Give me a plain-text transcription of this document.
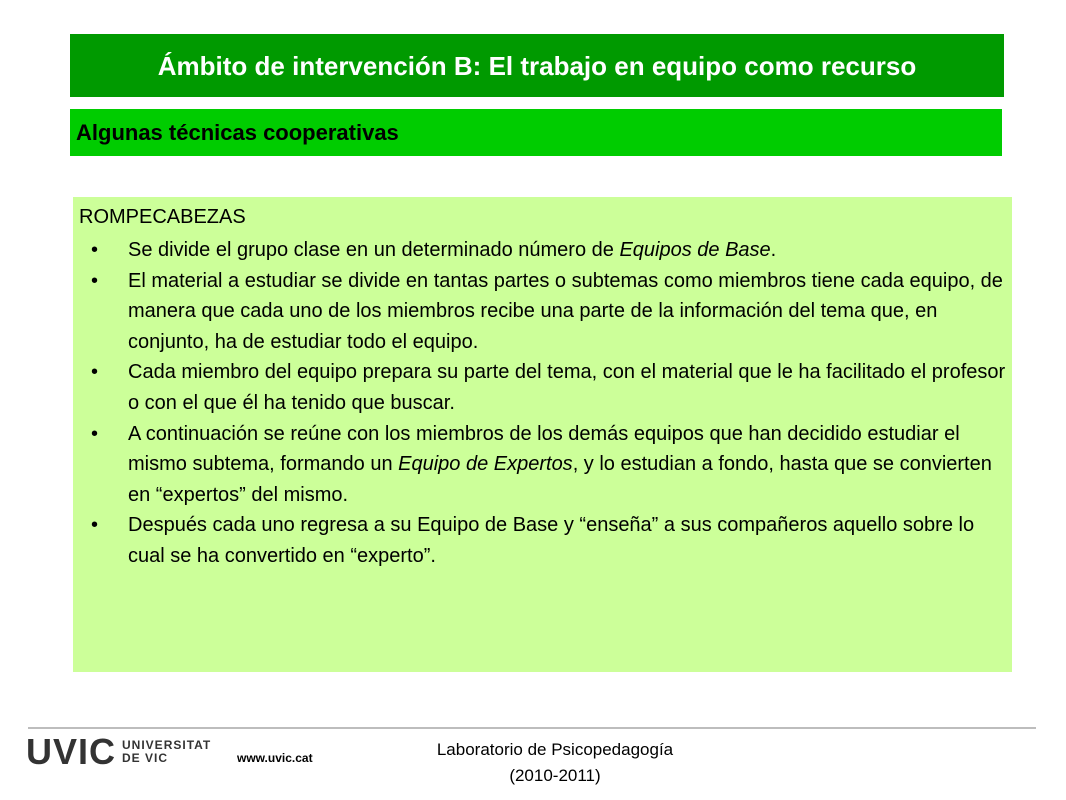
Ámbito de intervención B: El trabajo en equipo como recurso
Algunas técnicas cooperativas
ROMPECABEZAS
• Se divide el grupo clase en un determinado número de Equipos de Base.
• El material a estudiar se divide en tantas partes o subtemas como miembros tiene cada equipo, de manera que cada uno de los miembros recibe una parte de la información del tema que, en conjunto, ha de estudiar todo el equipo.
• Cada miembro del equipo prepara su parte del tema, con el material que le ha facilitado el profesor o con el que él ha tenido que buscar.
• A continuación se reúne con los miembros de los demás equipos que han decidido estudiar el mismo subtema, formando un Equipo de Expertos, y lo estudian a fondo, hasta que se convierten en “expertos” del mismo.
• Después cada uno regresa a su Equipo de Base y “enseña” a sus compañeros aquello sobre lo cual se ha convertido en “experto”.
UVIC UNIVERSITAT
DE VIC	www.uvic.cat	Laboratorio de Psicopedagogía
(2010-2011)
